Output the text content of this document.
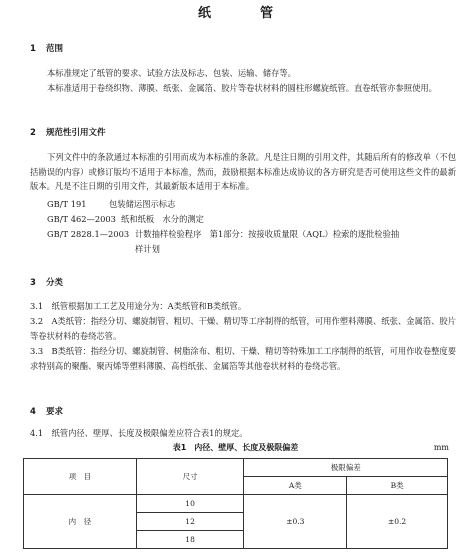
纸　管
1 范围
本标准规定了纸管的要求、试验方法及标志、包装、运输、储存等。
本标准适用于卷绕织物、薄膜、纸张、金属箔、胶片等卷状材料的圆柱形螺旋纸管。直卷纸管亦参照使用。
2 规范性引用文件
下列文件中的条款通过本标准的引用而成为本标准的条款。凡是注日期的引用文件，其随后所有的修改单（不包括勘误的内容）或修订版均不适用于本标准，然而，鼓励根据本标准达成协议的各方研究是否可使用这些文件的最新版本。凡是不注日期的引用文件，其最新版本适用于本标准。
GB/T 191	包装储运图示标志
GB/T 462—2003 纸和纸板　水分的测定
GB/T 2828.1—2003 计数抽样检验程序　第1部分：按接收质量限（AQL）检索的逐批检验抽
样计划
3 分类
3.1　纸管根据加工工艺及用途分为：A类纸管和B类纸管。
3.2　A类纸管：指经分切、螺旋制管、粗切、干燥、精切等工序制得的纸管，可用作塑料薄膜、纸张、金属箔、胶片等卷状材料的卷绕芯管。
3.3　B类纸管：指经分切、螺旋制管、树脂涂布、粗切、干燥、精切等特殊加工工序制得的纸管，可用作收卷整度要求特别高的聚酯、聚丙烯等塑料薄膜、高档纸张、金属箔等其他卷状材料的卷绕芯管。
4 要求
4.1　纸管内径、壁厚、长度及极限偏差应符合表1的规定。
表1　内径、壁厚、长度及极限偏差	mm
项　目	尺寸	极限偏差	
		A类	B类
内　径	10	±0.3	±0.2
	12		
	18		
